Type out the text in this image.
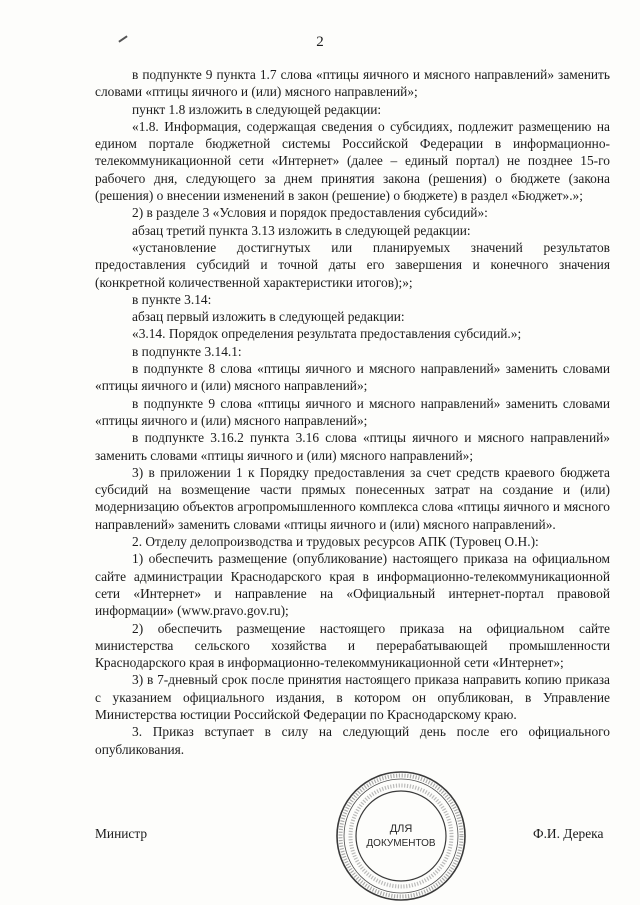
2

в подпункте 9 пункта 1.7 слова «птицы яичного и мясного направлений» заменить словами «птицы яичного и (или) мясного направлений»;

пункт 1.8 изложить в следующей редакции:

«1.8. Информация, содержащая сведения о субсидиях, подлежит размещению на едином портале бюджетной системы Российской Федерации в информационно-телекоммуникационной сети «Интернет» (далее – единый портал) не позднее 15-го рабочего дня, следующего за днем принятия закона (решения) о бюджете (закона (решения) о внесении изменений в закон (решение) о бюджете) в раздел «Бюджет».»;

2) в разделе 3 «Условия и порядок предоставления субсидий»:

абзац третий пункта 3.13 изложить в следующей редакции:

«установление достигнутых или планируемых значений результатов предоставления субсидий и точной даты его завершения и конечного значения (конкретной количественной характеристики итогов);»;

в пункте 3.14:

абзац первый изложить в следующей редакции:

«3.14. Порядок определения результата предоставления субсидий.»;

в подпункте 3.14.1:

в подпункте 8 слова «птицы яичного и мясного направлений» заменить словами «птицы яичного и (или) мясного направлений»;

в подпункте 9 слова «птицы яичного и мясного направлений» заменить словами «птицы яичного и (или) мясного направлений»;

в подпункте 3.16.2 пункта 3.16 слова «птицы яичного и мясного направлений» заменить словами «птицы яичного и (или) мясного направлений»;

3) в приложении 1 к Порядку предоставления за счет средств краевого бюджета субсидий на возмещение части прямых понесенных затрат на создание и (или) модернизацию объектов агропромышленного комплекса слова «птицы яичного и мясного направлений» заменить словами «птицы яичного и (или) мясного направлений».

2. Отделу делопроизводства и трудовых ресурсов АПК (Туровец О.Н.):

1) обеспечить размещение (опубликование) настоящего приказа на официальном сайте администрации Краснодарского края в информационно-телекоммуникационной сети «Интернет» и направление на «Официальный интернет-портал правовой информации» (www.pravo.gov.ru);

2) обеспечить размещение настоящего приказа на официальном сайте министерства сельского хозяйства и перерабатывающей промышленности Краснодарского края в информационно-телекоммуникационной сети «Интернет»;

3) в 7-дневный срок после принятия настоящего приказа направить копию приказа с указанием официального издания, в котором он опубликован, в Управление Министерства юстиции Российской Федерации по Краснодарскому краю.

3. Приказ вступает в силу на следующий день после его официального опубликования.

Министр	Ф.И. Дерека
ДЛЯ
ДОКУМЕНТОВ
